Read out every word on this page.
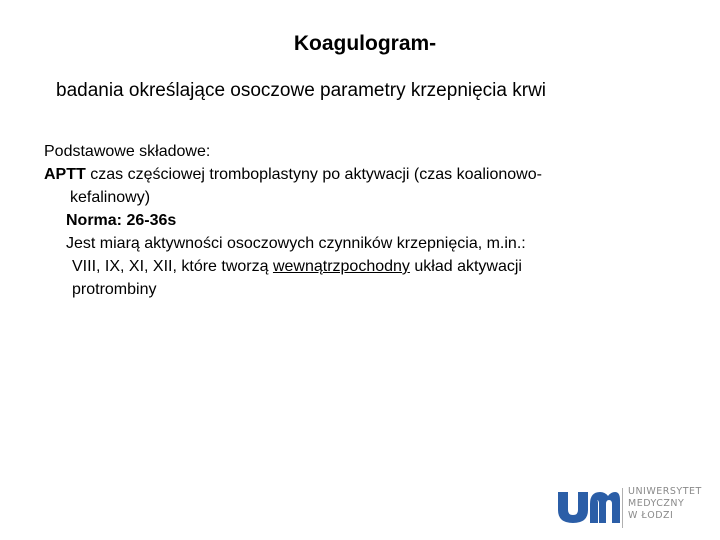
Koagulogram-
badania określające osoczowe parametry krzepnięcia krwi
Podstawowe składowe:
APTT czas częściowej tromboplastyny po aktywacji (czas koalionowo-
kefalinowy)
Norma: 26-36s
Jest miarą aktywności osoczowych czynników krzepnięcia, m.in.:
VIII, IX, XI, XII, które tworzą wewnątrzpochodny układ aktywacji
protrombiny
UNIWERSYTET
MEDYCZNY
W ŁODZI
